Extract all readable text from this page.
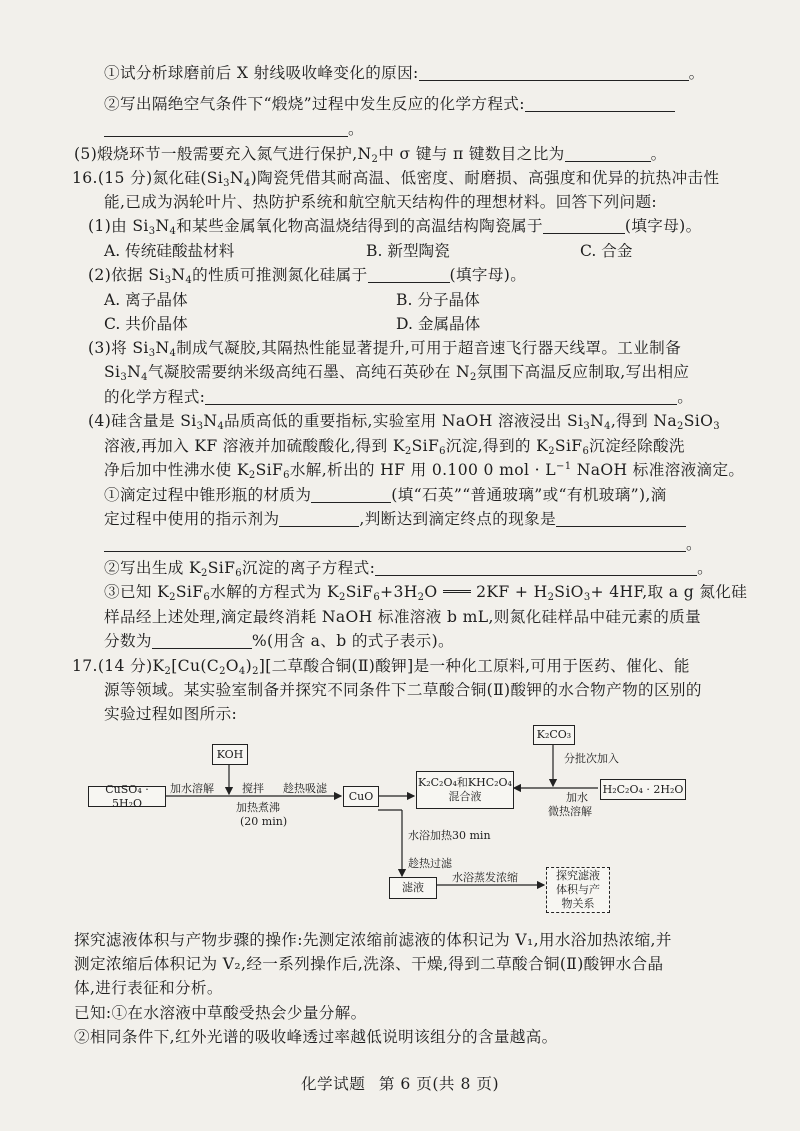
①试分析球磨前后 X 射线吸收峰变化的原因:	。
②写出隔绝空气条件下“煅烧”过程中发生反应的化学方程式:
。
(5)煅烧环节一般需要充入氮气进行保护$,N_2$中 σ 键与 π 键数目之比为	。
16.(15 分)氮化硅$(Si_3N_4)$陶瓷凭借其耐高温、低密度、耐磨损、高强度和优异的抗热冲击性
能,已成为涡轮叶片、热防护系统和航空航天结构件的理想材料。回答下列问题:
(1)由 $Si_3N_4$和某些金属氧化物高温烧结得到的高温结构陶瓷属于	(填字母)。
A. 传统硅酸盐材料	B. 新型陶瓷	C. 合金
(2)依据 $Si_3N_4$的性质可推测氮化硅属于	(填字母)。
A. 离子晶体	B. 分子晶体
C. 共价晶体	D. 金属晶体
(3)将 $Si_3N_4$制成气凝胶,其隔热性能显著提升,可用于超音速飞行器天线罩。工业制备
$Si_3N_4$气凝胶需要纳米级高纯石墨、高纯石英砂在 $N_2$氛围下高温反应制取,写出相应
的化学方程式:	。
(4)硅含量是 $Si_3N_4$品质高低的重要指标,实验室用 NaOH 溶液浸出 $Si_3N_4$,得到 $Na_2SiO_3$
溶液,再加入 KF 溶液并加硫酸酸化,得到 $K_2SiF_6$沉淀,得到的 $K_2SiF_6$沉淀经除酸洗
净后加中性沸水使 $K_2SiF_6$水解,析出的 HF 用 0.100 0 mol · $L^{-1}$ NaOH 标准溶液滴定。
①滴定过程中锥形瓶的材质为	(填“石英”“普通玻璃”或“有机玻璃”),滴
定过程中使用的指示剂为	,判断达到滴定终点的现象是
。
②写出生成 $K_2SiF_6$沉淀的离子方程式:	。
③已知 $K_2SiF_6$水解的方程式为 $K_2SiF_6+3H_2O$ $2KF + H_2SiO_3+ 4HF$,取 a g 氮化硅
样品经上述处理,滴定最终消耗 NaOH 标准溶液 b mL,则氮化硅样品中硅元素的质量
分数为	%(用含 a、b 的式子表示)。
17.(14 分)$K_2[Cu(C_2O_4)_2]$[二草酸合铜(Ⅱ)酸钾]是一种化工原料,可用于医药、催化、能
源等领域。某实验室制备并探究不同条件下二草酸合铜(Ⅱ)酸钾的水合物产物的区别的
实验过程如图所示:
CuSO₄ · 5H₂O
加水溶解
KOH
搅拌
加热煮沸
(20 min)
趁热吸滤
CuO
K₂C₂O₄和KHC₂O₄
混合液
K₂CO₃
分批次加入
加水
微热溶解
H₂C₂O₄ · 2H₂O
水浴加热30 min
趁热过滤
滤液
水浴蒸发浓缩	探究滤液
体积与产
物关系
探究滤液体积与产物步骤的操作:先测定浓缩前滤液的体积记为 V₁,用水浴加热浓缩,并
测定浓缩后体积记为 V₂,经一系列操作后,洗涤、干燥,得到二草酸合铜(Ⅱ)酸钾水合晶
体,进行表征和分析。
已知:①在水溶液中草酸受热会少量分解。
②相同条件下,红外光谱的吸收峰透过率越低说明该组分的含量越高。
化学试题 第 6 页(共 8 页)
